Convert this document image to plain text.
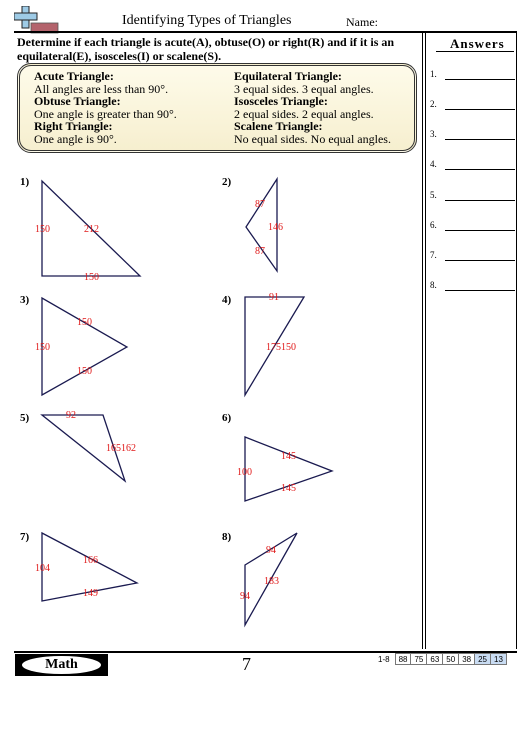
Identifying Types of Triangles	Name:
Determine if each triangle is acute(A), obtuse(O) or right(R) and if it is an equilateral(E), isosceles(I) or scalene(S).
Acute Triangle:
All angles are less than 90°.
Obtuse Triangle:
One angle is greater than 90°.
Right Triangle:
One angle is 90°.
Equilateral Triangle:
3 equal sides. 3 equal angles.
Isosceles Triangle:
2 equal sides. 2 equal angles.
Scalene Triangle:
No equal sides. No equal angles.
Answers
1.
2.
3.
4.
5.
6.
7.
8.
1)
150	212
150
2)
87
146
87
3)
150
150
150
4)	91
175150
5)	92
165162
6)
100
145
145
7)
104
166
149
8)
94
183
94
Math	7	1-8	88	75	63	50	38	25	13
